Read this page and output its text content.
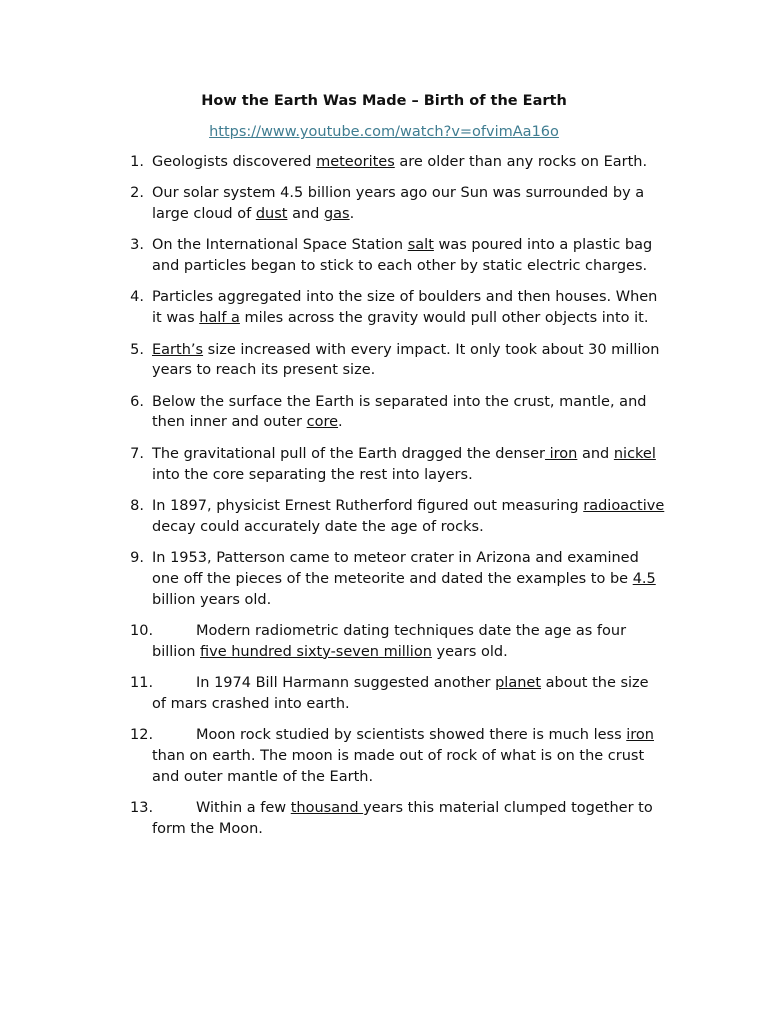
How the Earth Was Made – Birth of the Earth
https://www.youtube.com/watch?v=ofvimAa16o
1. Geologists discovered meteorites are older than any rocks on Earth.
2. Our solar system 4.5 billion years ago our Sun was surrounded by a large cloud of dust and gas.
3. On the International Space Station salt was poured into a plastic bag and particles began to stick to each other by static electric charges.
4. Particles aggregated into the size of boulders and then houses. When it was half a miles across the gravity would pull other objects into it.
5. Earth’s size increased with every impact. It only took about 30 million years to reach its present size.
6. Below the surface the Earth is separated into the crust, mantle, and then inner and outer core.
7. The gravitational pull of the Earth dragged the denser iron and nickel into the core separating the rest into layers.
8. In 1897, physicist Ernest Rutherford figured out measuring radioactive decay could accurately date the age of rocks.
9. In 1953, Patterson came to meteor crater in Arizona and examined one off the pieces of the meteorite and dated the examples to be 4.5 billion years old.
10.	Modern radiometric dating techniques date the age as four billion five hundred sixty-seven million years old.
11.	In 1974 Bill Harmann suggested another planet about the size of mars crashed into earth.
12.	Moon rock studied by scientists showed there is much less iron than on earth. The moon is made out of rock of what is on the crust and outer mantle of the Earth.
13.	Within a few thousand years this material clumped together to form the Moon.
